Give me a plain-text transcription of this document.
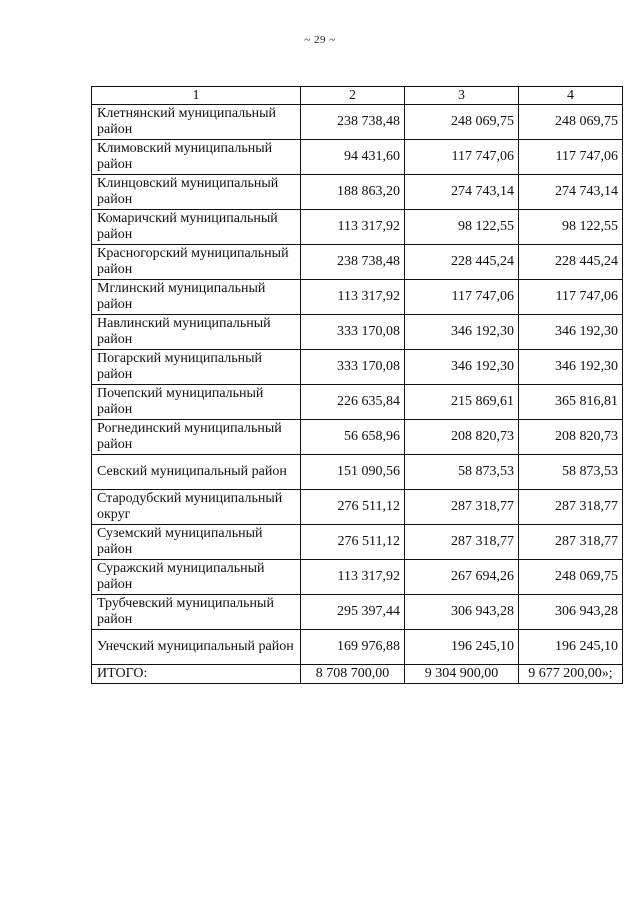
~ 29 ~
1	2	3	4
Клетнянский муниципальный район	238 738,48	248 069,75	248 069,75
Климовский муниципальный район	94 431,60	117 747,06	117 747,06
Клинцовский муниципальный район	188 863,20	274 743,14	274 743,14
Комаричский муниципальный район	113 317,92	98 122,55	98 122,55
Красногорский муниципальный район	238 738,48	228 445,24	228 445,24
Мглинский муниципальный район	113 317,92	117 747,06	117 747,06
Навлинский муниципальный район	333 170,08	346 192,30	346 192,30
Погарский муниципальный район	333 170,08	346 192,30	346 192,30
Почепский муниципальный район	226 635,84	215 869,61	365 816,81
Рогнединский муниципальный район	56 658,96	208 820,73	208 820,73
Севский муниципальный район	151 090,56	58 873,53	58 873,53
Стародубский муниципальный округ	276 511,12	287 318,77	287 318,77
Суземский муниципальный район	276 511,12	287 318,77	287 318,77
Суражский муниципальный район	113 317,92	267 694,26	248 069,75
Трубчевский муниципальный район	295 397,44	306 943,28	306 943,28
Унечский муниципальный район	169 976,88	196 245,10	196 245,10
ИТОГО:	8 708 700,00	9 304 900,00	9 677 200,00»;
